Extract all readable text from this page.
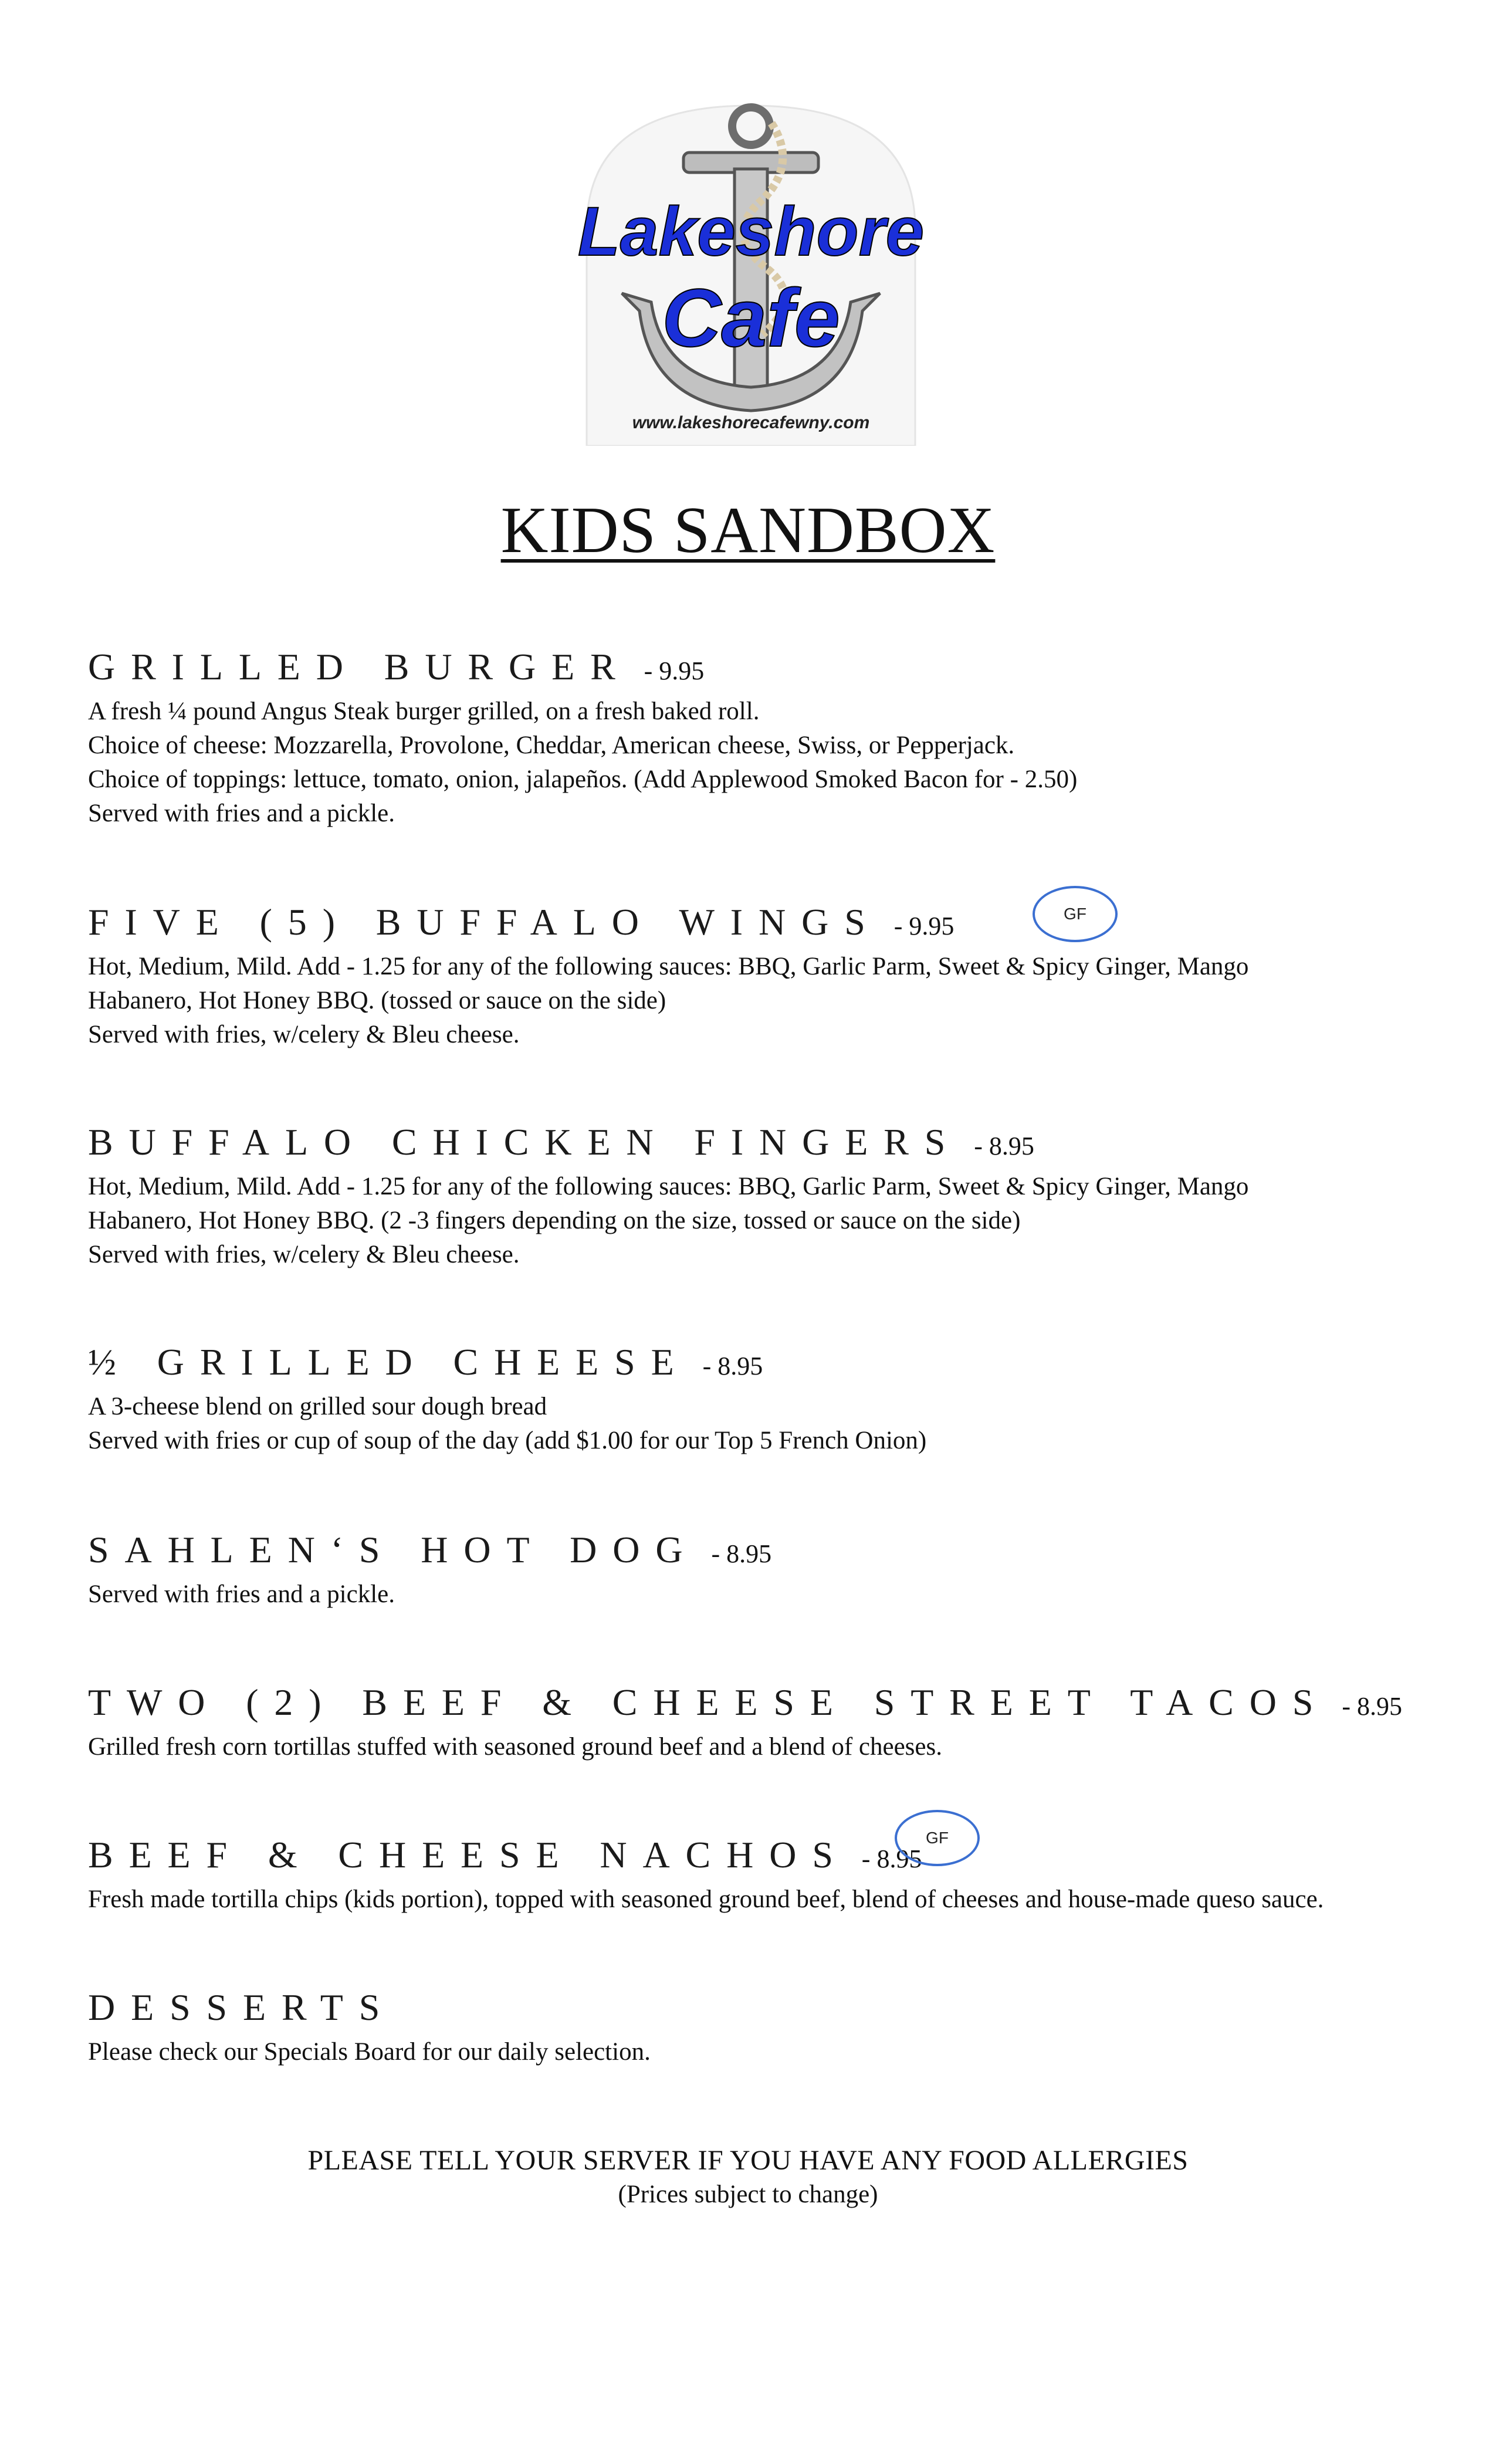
Lakeshore
Cafe
www.lakeshorecafewny.com
KIDS SANDBOX
GRILLED BURGER - 9.95
A fresh ¼ pound Angus Steak burger grilled, on a fresh baked roll.
Choice of cheese: Mozzarella, Provolone, Cheddar, American cheese, Swiss, or Pepperjack.
Choice of toppings: lettuce, tomato, onion, jalapeños. (Add Applewood Smoked Bacon for - 2.50)
Served with fries and a pickle.
FIVE (5) BUFFALO WINGS - 9.95
Hot, Medium, Mild. Add - 1.25 for any of the following sauces: BBQ, Garlic Parm, Sweet & Spicy Ginger, Mango
Habanero, Hot Honey BBQ. (tossed or sauce on the side)
Served with fries, w/celery & Bleu cheese.
GF
BUFFALO CHICKEN FINGERS - 8.95
Hot, Medium, Mild. Add - 1.25 for any of the following sauces: BBQ, Garlic Parm, Sweet & Spicy Ginger, Mango
Habanero, Hot Honey BBQ. (2 -3 fingers depending on the size, tossed or sauce on the side)
Served with fries, w/celery & Bleu cheese.
½ GRILLED CHEESE - 8.95
A 3-cheese blend on grilled sour dough bread
Served with fries or cup of soup of the day (add $1.00 for our Top 5 French Onion)
SAHLEN‘S HOT DOG - 8.95
Served with fries and a pickle.
TWO (2) BEEF & CHEESE STREET TACOS - 8.95
Grilled fresh corn tortillas stuffed with seasoned ground beef and a blend of cheeses.
BEEF & CHEESE NACHOS - 8.95
Fresh made tortilla chips (kids portion), topped with seasoned ground beef, blend of cheeses and house-made queso sauce.
GF
DESSERTS
Please check our Specials Board for our daily selection.
PLEASE TELL YOUR SERVER IF YOU HAVE ANY FOOD ALLERGIES
(Prices subject to change)
